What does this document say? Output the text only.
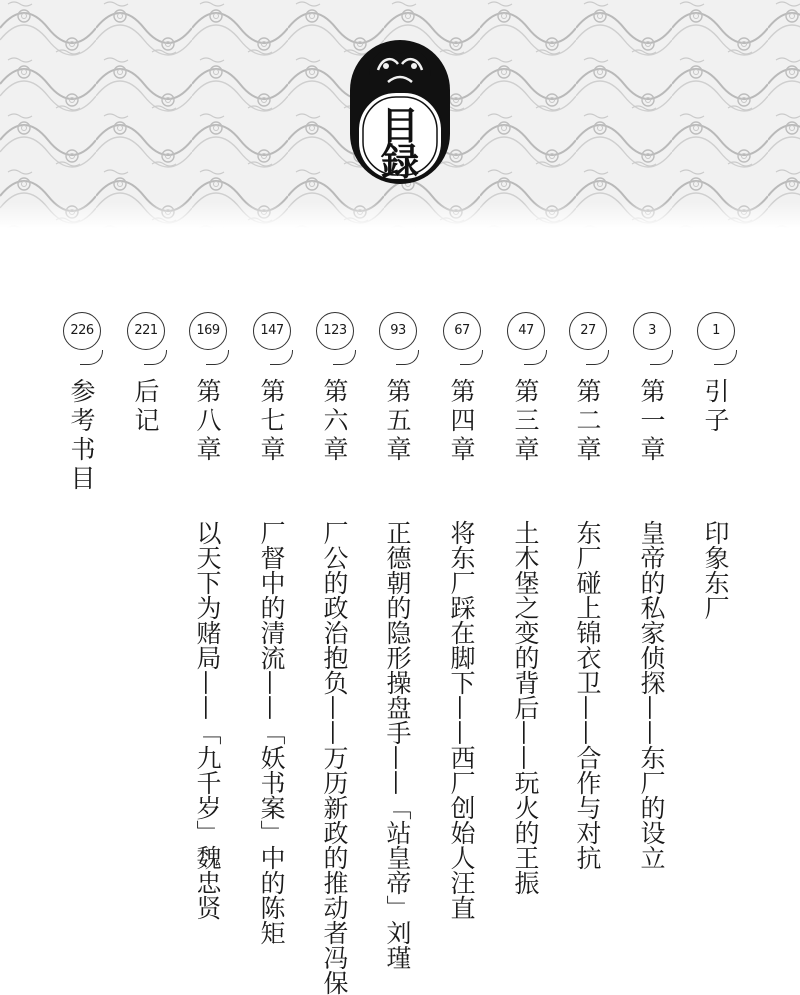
目
録
1
引子
印象东厂
3
第一章
皇帝的私家侦探——东厂的设立
27
第二章
东厂碰上锦衣卫——合作与对抗
47
第三章
土木堡之变的背后——玩火的王振
67
第四章
将东厂踩在脚下——西厂创始人汪直
93
第五章
正德朝的隐形操盘手——「站皇帝」刘瑾
123
第六章
厂公的政治抱负——万历新政的推动者冯保
147
第七章
厂督中的清流——「妖书案」中的陈矩
169
第八章
以天下为赌局——「九千岁」魏忠贤
221
后记
226
参考书目
